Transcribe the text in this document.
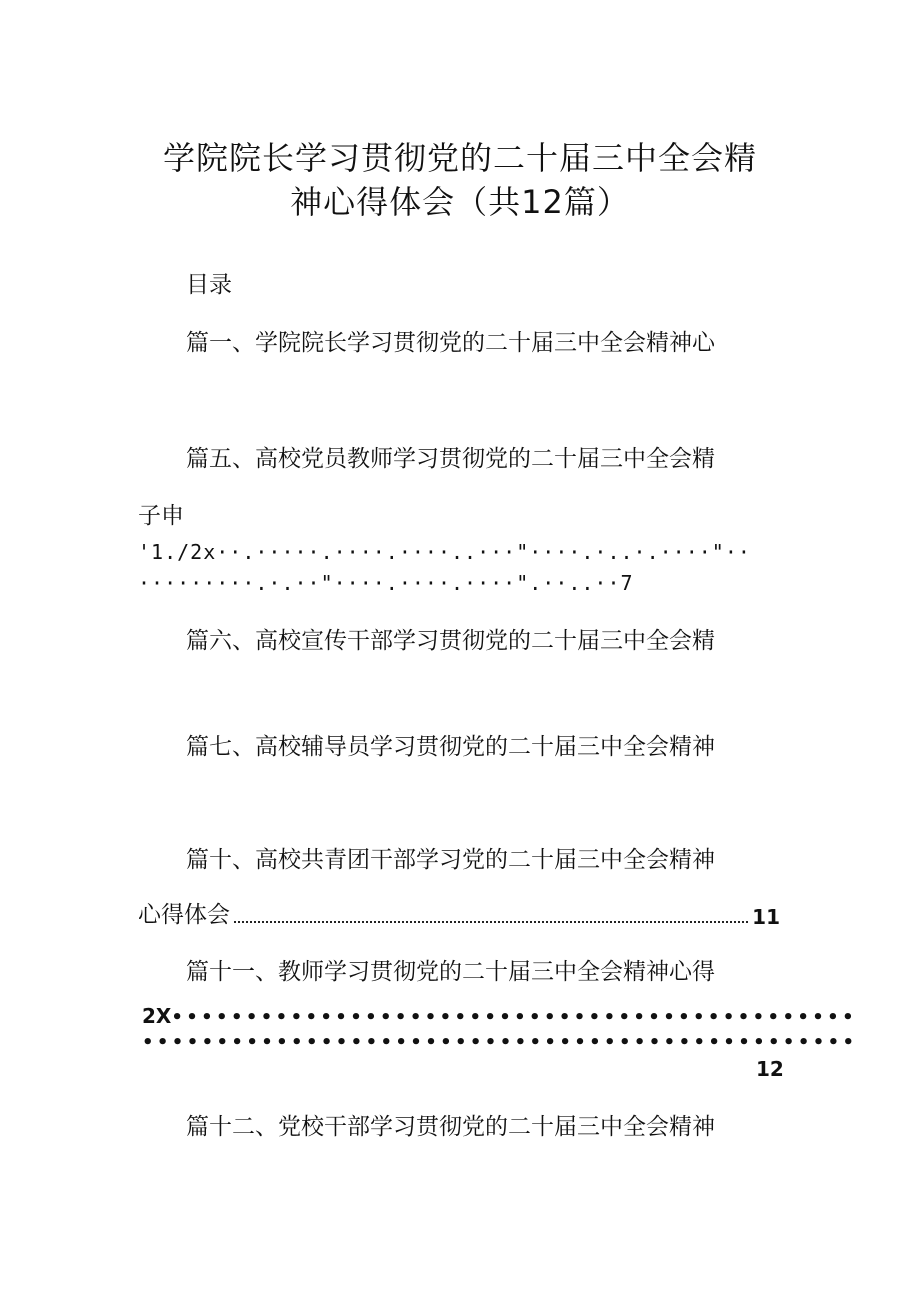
学院院长学习贯彻党的二十届三中全会精
神心得体会（共12篇）
目录
篇一、学院院长学习贯彻党的二十届三中全会精神心
篇五、高校党员教师学习贯彻党的二十届三中全会精
子申
'1./2x··.·····.····.····..···"····.·..·.····"··
·········.·.··"····.····.····".··..··7
篇六、高校宣传干部学习贯彻党的二十届三中全会精
篇七、高校辅导员学习贯彻党的二十届三中全会精神
篇十、高校共青团干部学习党的二十届三中全会精神
心得体会	11
篇十一、教师学习贯彻党的二十届三中全会精神心得
2X••••••••••••••••••••••••••••••••••••••••••••••
••••••••••••••••••••••••••••••••••••••••••••••••
12
篇十二、党校干部学习贯彻党的二十届三中全会精神
